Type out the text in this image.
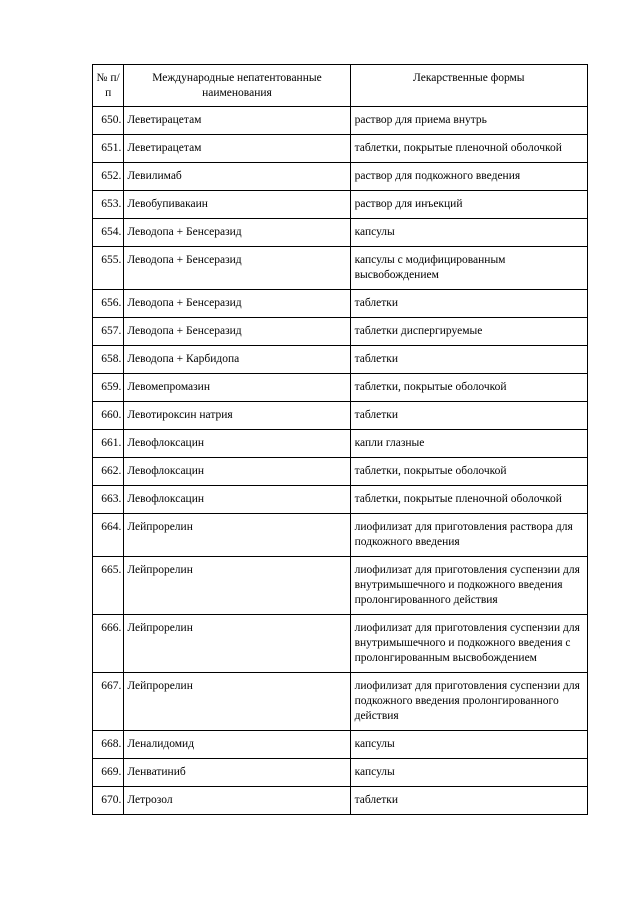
№ п/п	Международные непатентованные наименования	Лекарственные формы
650.	Леветирацетам	раствор для приема внутрь
651.	Леветирацетам	таблетки, покрытые пленочной оболочкой
652.	Левилимаб	раствор для подкожного введения
653.	Левобупивакаин	раствор для инъекций
654.	Леводопа + Бенсеразид	капсулы
655.	Леводопа + Бенсеразид	капсулы с модифицированным высвобождением
656.	Леводопа + Бенсеразид	таблетки
657.	Леводопа + Бенсеразид	таблетки диспергируемые
658.	Леводопа + Карбидопа	таблетки
659.	Левомепромазин	таблетки, покрытые оболочкой
660.	Левотироксин натрия	таблетки
661.	Левофлоксацин	капли глазные
662.	Левофлоксацин	таблетки, покрытые оболочкой
663.	Левофлоксацин	таблетки, покрытые пленочной оболочкой
664.	Лейпрорелин	лиофилизат для приготовления раствора для подкожного введения
665.	Лейпрорелин	лиофилизат для приготовления суспензии для внутримышечного и подкожного введения пролонгированного действия
666.	Лейпрорелин	лиофилизат для приготовления суспензии для внутримышечного и подкожного введения с пролонгированным высвобождением
667.	Лейпрорелин	лиофилизат для приготовления суспензии для подкожного введения пролонгированного действия
668.	Леналидомид	капсулы
669.	Ленватиниб	капсулы
670.	Летрозол	таблетки
